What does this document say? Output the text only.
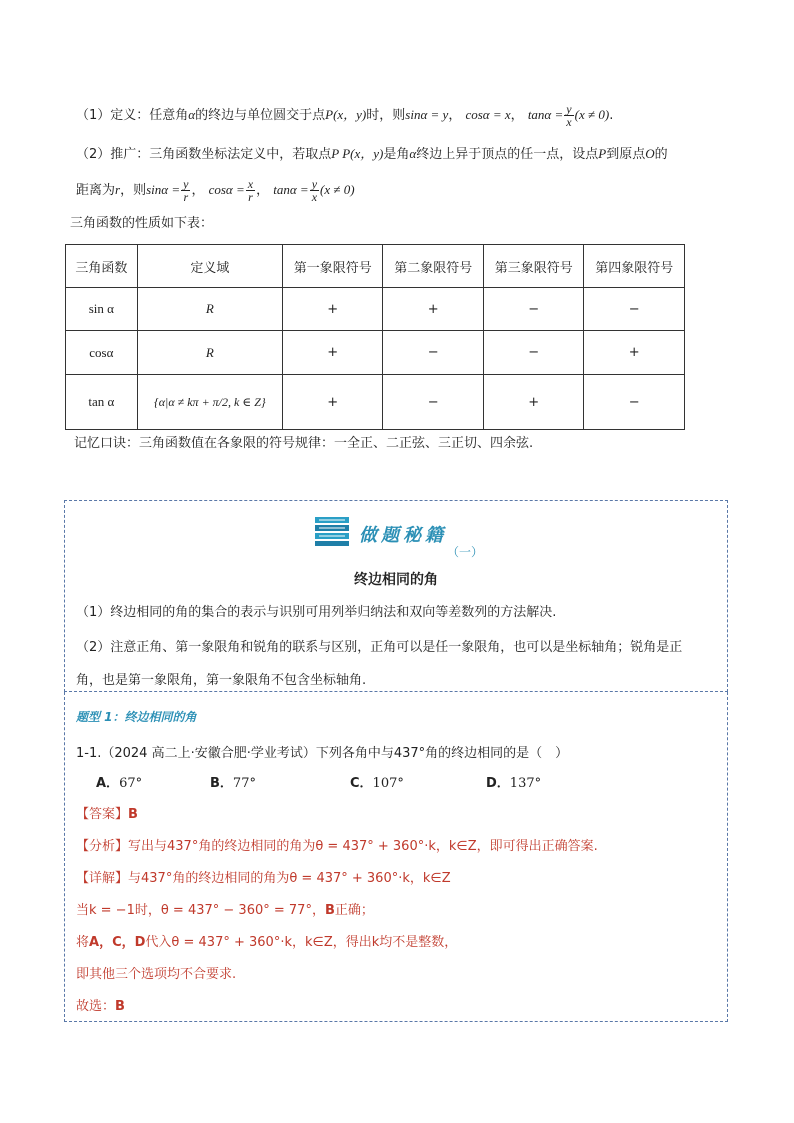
（1）定义：任意角α的终边与单位圆交于点P(x，y)时，则sinα = y， cosα = x， $\tan\alpha = \frac{y}{x} (x \ne 0)$.
（2）推广：三角函数坐标法定义中，若取点P P(x，y)是角α终边上异于顶点的任一点，设点P到原点O的
距离为r，则$\sin\alpha = \frac{y}{r}$ ， $\cos\alpha = \frac{x}{r}$ ， $\tan\alpha = \frac{y}{x} (x \ne 0)$
三角函数的性质如下表：
三角函数	定义域	第一象限符号	第二象限符号	第三象限符号	第四象限符号
sin α	R	+	+	−	−
cosα	R	+	−	−	+
tan α	{α|α ≠ kπ + π/2, k ∈ Z}	+	−	+	−
记忆口诀：三角函数值在各象限的符号规律：一全正、二正弦、三正切、四余弦.
做题秘籍
（一）
终边相同的角
（1）终边相同的角的集合的表示与识别可用列举归纳法和双向等差数列的方法解决.
（2）注意正角、第一象限角和锐角的联系与区别，正角可以是任一象限角，也可以是坐标轴角；锐角是正
角，也是第一象限角，第一象限角不包含坐标轴角.
题型 1：终边相同的角
1-1.（2024 高二上·安徽合肥·学业考试）下列各角中与437°角的终边相同的是（　）
A．67°	B．77°	C．107°	D．137°
【答案】B
【分析】写出与437°角的终边相同的角为θ = 437° + 360°·k，k∈Z，即可得出正确答案.
【详解】与437°角的终边相同的角为θ = 437° + 360°·k，k∈Z
当k = −1时，θ = 437° − 360° = 77°，B正确；
将A，C，D代入θ = 437° + 360°·k，k∈Z，得出k均不是整数，
即其他三个选项均不合要求.
故选：B
